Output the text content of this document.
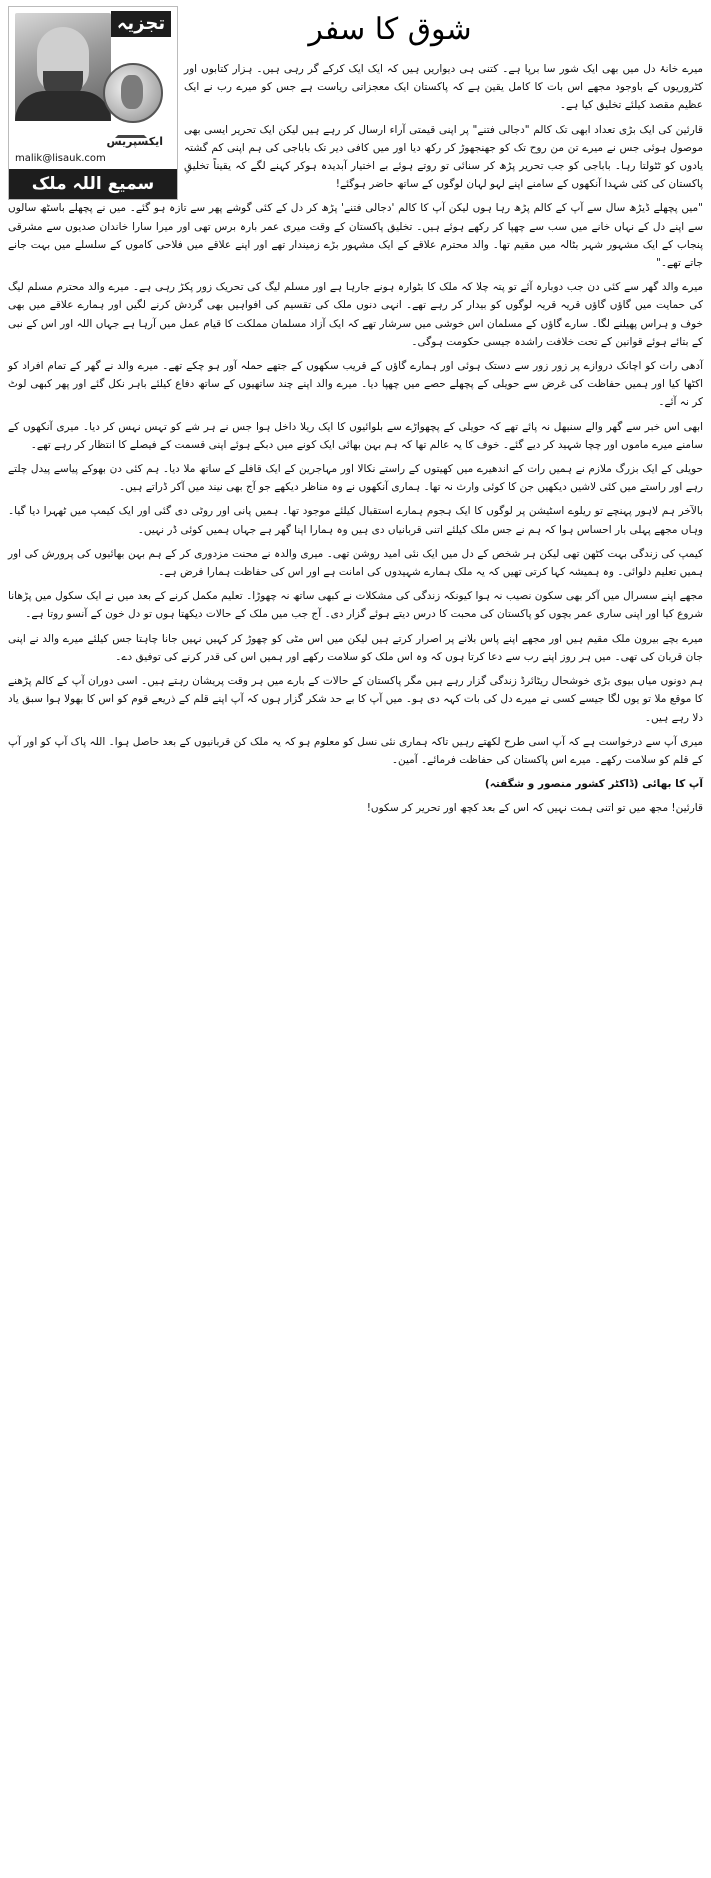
تجزیہ
ایکسپریس
malik@lisauk.com
سمیع اللہ ملک
شوق کا سفر

میرے خانۂ دل میں بھی ایک شور سا برپا ہے۔ کتنی ہی دیواریں ہیں کہ ایک ایک کرکے گر رہی ہیں۔ ہزار کتابوں اور کٹروریوں کے باوجود مجھے اس بات کا کامل یقین ہے کہ پاکستان ایک معجزاتی ریاست ہے جس کو میرے رب نے ایک عظیم مقصد کیلئے تخلیق کیا ہے۔

قارئین کی ایک بڑی تعداد ابھی تک کالم "دجالی فتنے" پر اپنی قیمتی آراء ارسال کر رہے ہیں لیکن ایک تحریر ایسی بھی موصول ہوئی جس نے میرے تن من روح تک کو جھنجھوڑ کر رکھ دیا اور میں کافی دیر تک باباجی کی ہم اپنی کم گشتہ یادوں کو ٹٹولتا رہا۔ باباجی کو جب تحریر پڑھ کر سنائی تو روتے ہوئے بے اختیار آبدیدہ ہوکر کہنے لگے کہ یقیناً تخلیقِ پاکستان کی کئی شہدا آنکھوں کے سامنے اپنے لہو لہان لوگوں کے ساتھ حاضر ہوگئے!

"میں پچھلے ڈیڑھ سال سے آپ کے کالم پڑھ رہا ہوں لیکن آپ کا کالم 'دجالی فتنے' پڑھ کر دل کے کئی گوشے پھر سے تازہ ہو گئے۔ میں نے پچھلے باسٹھ سالوں سے اپنے دل کے نہاں خانے میں سب سے چھپا کر رکھے ہوئے ہیں۔ تخلیق پاکستان کے وقت میری عمر بارہ برس تھی اور میرا سارا خاندان صدیوں سے مشرقی پنجاب کے ایک مشہور شہر بٹالہ میں مقیم تھا۔ والد محترم علاقے کے ایک مشہور بڑے زمیندار تھے اور اپنے علاقے میں فلاحی کاموں کے سلسلے میں بہت جانے جاتے تھے۔"

میرے والد گھر سے کئی دن جب دوبارہ آئے تو پتہ چلا کہ ملک کا بٹوارہ ہونے جارہا ہے اور مسلم لیگ کی تحریک زور پکڑ رہی ہے۔ میرے والد محترم مسلم لیگ کی حمایت میں گاؤں گاؤں قریہ قریہ لوگوں کو بیدار کر رہے تھے۔ انہی دنوں ملک کی تقسیم کی افواہیں بھی گردش کرنے لگیں اور ہمارے علاقے میں بھی خوف و ہراس پھیلنے لگا۔ سارے گاؤں کے مسلمان اس خوشی میں سرشار تھے کہ ایک آزاد مسلمان مملکت کا قیام عمل میں آرہا ہے جہاں اللہ اور اس کے نبی کے بتائے ہوئے قوانین کے تحت خلافت راشدہ جیسی حکومت ہوگی۔

آدھی رات کو اچانک دروازے پر زور زور سے دستک ہوئی اور ہمارے گاؤں کے قریب سکھوں کے جتھے حملہ آور ہو چکے تھے۔ میرے والد نے گھر کے تمام افراد کو اکٹھا کیا اور ہمیں حفاظت کی غرض سے حویلی کے پچھلے حصے میں چھپا دیا۔ میرے والد اپنے چند ساتھیوں کے ساتھ دفاع کیلئے باہر نکل گئے اور پھر کبھی لوٹ کر نہ آئے۔

ابھی اس خبر سے گھر والے سنبھل نہ پائے تھے کہ حویلی کے پچھواڑے سے بلوائیوں کا ایک ریلا داخل ہوا جس نے ہر شے کو تہس نہس کر دیا۔ میری آنکھوں کے سامنے میرے ماموں اور چچا شہید کر دیے گئے۔ خوف کا یہ عالم تھا کہ ہم بہن بھائی ایک کونے میں دبکے ہوئے اپنی قسمت کے فیصلے کا انتظار کر رہے تھے۔

حویلی کے ایک بزرگ ملازم نے ہمیں رات کے اندھیرے میں کھیتوں کے راستے نکالا اور مہاجرین کے ایک قافلے کے ساتھ ملا دیا۔ ہم کئی دن بھوکے پیاسے پیدل چلتے رہے اور راستے میں کئی لاشیں دیکھیں جن کا کوئی وارث نہ تھا۔ ہماری آنکھوں نے وہ مناظر دیکھے جو آج بھی نیند میں آکر ڈراتے ہیں۔

بالآخر ہم لاہور پہنچے تو ریلوے اسٹیشن پر لوگوں کا ایک ہجوم ہمارے استقبال کیلئے موجود تھا۔ ہمیں پانی اور روٹی دی گئی اور ایک کیمپ میں ٹھہرا دیا گیا۔ وہاں مجھے پہلی بار احساس ہوا کہ ہم نے جس ملک کیلئے اتنی قربانیاں دی ہیں وہ ہمارا اپنا گھر ہے جہاں ہمیں کوئی ڈر نہیں۔

کیمپ کی زندگی بہت کٹھن تھی لیکن ہر شخص کے دل میں ایک نئی امید روشن تھی۔ میری والدہ نے محنت مزدوری کر کے ہم بہن بھائیوں کی پرورش کی اور ہمیں تعلیم دلوائی۔ وہ ہمیشہ کہا کرتی تھیں کہ یہ ملک ہمارے شہیدوں کی امانت ہے اور اس کی حفاظت ہمارا فرض ہے۔

مجھے اپنے سسرال میں آکر بھی سکون نصیب نہ ہوا کیونکہ زندگی کی مشکلات نے کبھی ساتھ نہ چھوڑا۔ تعلیم مکمل کرنے کے بعد میں نے ایک سکول میں پڑھانا شروع کیا اور اپنی ساری عمر بچوں کو پاکستان کی محبت کا درس دیتے ہوئے گزار دی۔ آج جب میں ملک کے حالات دیکھتا ہوں تو دل خون کے آنسو روتا ہے۔

میرے بچے بیرون ملک مقیم ہیں اور مجھے اپنے پاس بلانے پر اصرار کرتے ہیں لیکن میں اس مٹی کو چھوڑ کر کہیں نہیں جانا چاہتا جس کیلئے میرے والد نے اپنی جان قربان کی تھی۔ میں ہر روز اپنے رب سے دعا کرتا ہوں کہ وہ اس ملک کو سلامت رکھے اور ہمیں اس کی قدر کرنے کی توفیق دے۔

ہم دونوں میاں بیوی بڑی خوشحال ریٹائرڈ زندگی گزار رہے ہیں مگر پاکستان کے حالات کے بارے میں ہر وقت پریشان رہتے ہیں۔ اسی دوران آپ کے کالم پڑھنے کا موقع ملا تو یوں لگا جیسے کسی نے میرے دل کی بات کہہ دی ہو۔ میں آپ کا بے حد شکر گزار ہوں کہ آپ اپنے قلم کے ذریعے قوم کو اس کا بھولا ہوا سبق یاد دلا رہے ہیں۔

میری آپ سے درخواست ہے کہ آپ اسی طرح لکھتے رہیں تاکہ ہماری نئی نسل کو معلوم ہو کہ یہ ملک کن قربانیوں کے بعد حاصل ہوا۔ اللہ پاک آپ کو اور آپ کے قلم کو سلامت رکھے۔ میرے اس پاکستان کی حفاظت فرمائے۔ آمین۔

آپ کا بھائی (ڈاکٹر کشور منصور و شگفتہ)

قارئین! مجھ میں تو اتنی ہمت نہیں کہ اس کے بعد کچھ اور تحریر کر سکوں!
